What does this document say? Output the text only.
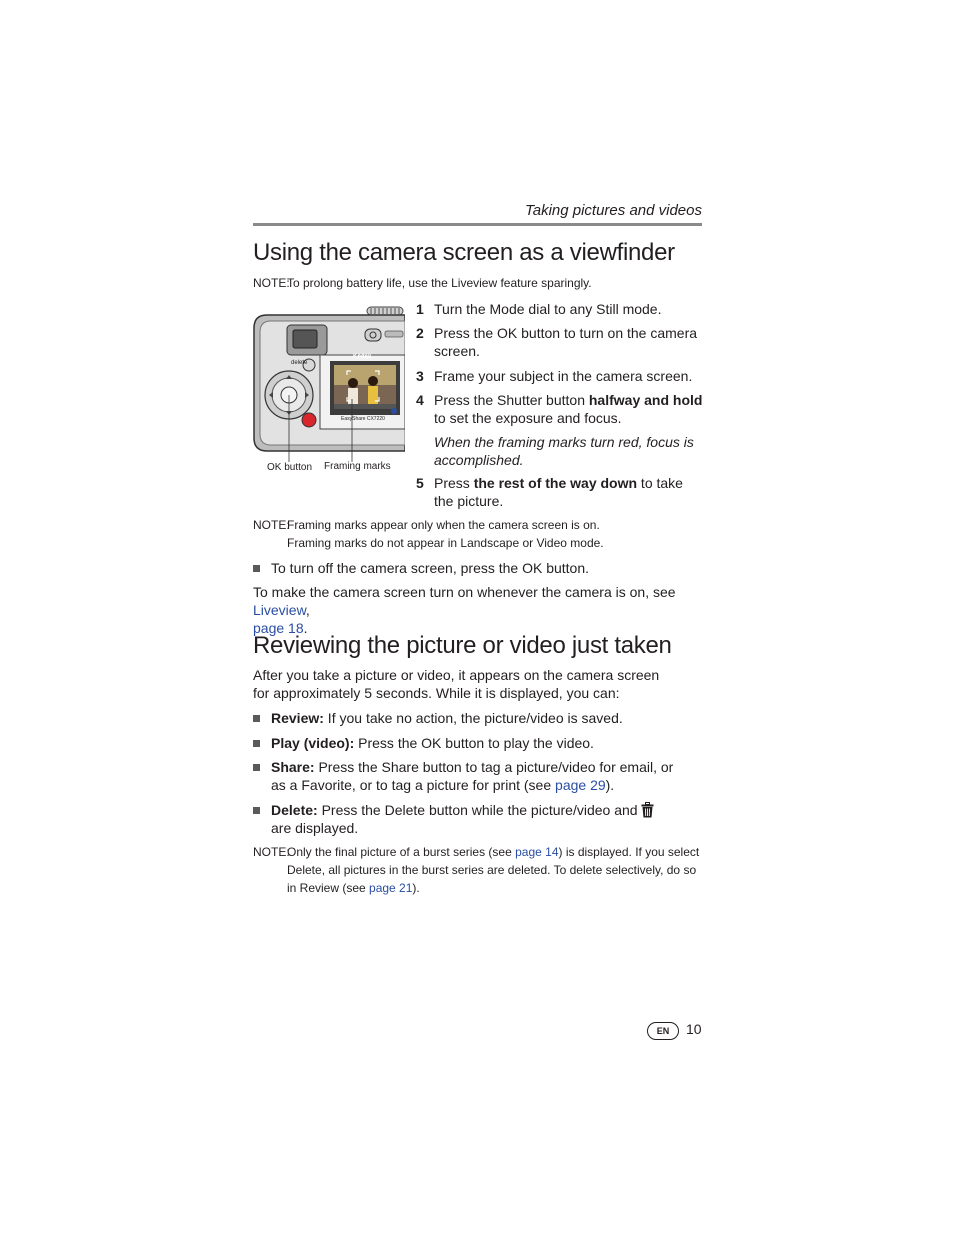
Taking pictures and videos
Using the camera screen as a viewfinder
NOTE:To prolong battery life, use the Liveview feature sparingly.
delete
Kodak
EasyShare CX7220
OK button Framing marks
1 Turn the Mode dial to any Still mode.
2 Press the OK button to turn on the camera screen.
3 Frame your subject in the camera screen.
4 Press the Shutter button halfway and hold to set the exposure and focus.
When the framing marks turn red, focus is accomplished.
5 Press the rest of the way down to take the picture.
NOTE:Framing marks appear only when the camera screen is on.
Framing marks do not appear in Landscape or Video mode.
To turn off the camera screen, press the OK button.
To make the camera screen turn on whenever the camera is on, see Liveview,
page 18.
Reviewing the picture or video just taken
After you take a picture or video, it appears on the camera screen for approximately 5 seconds. While it is displayed, you can:
Review: If you take no action, the picture/video is saved.
Play (video): Press the OK button to play the video.
Share: Press the Share button to tag a picture/video for email, or as a Favorite, or to tag a picture for print (see page 29).
Delete: Press the Delete button while the picture/video and  are displayed.
NOTE:
Only the final picture of a burst series (see page 14) is displayed. If you select Delete, all pictures in the burst series are deleted. To delete selectively, do so in Review (see page 21).
EN	10
